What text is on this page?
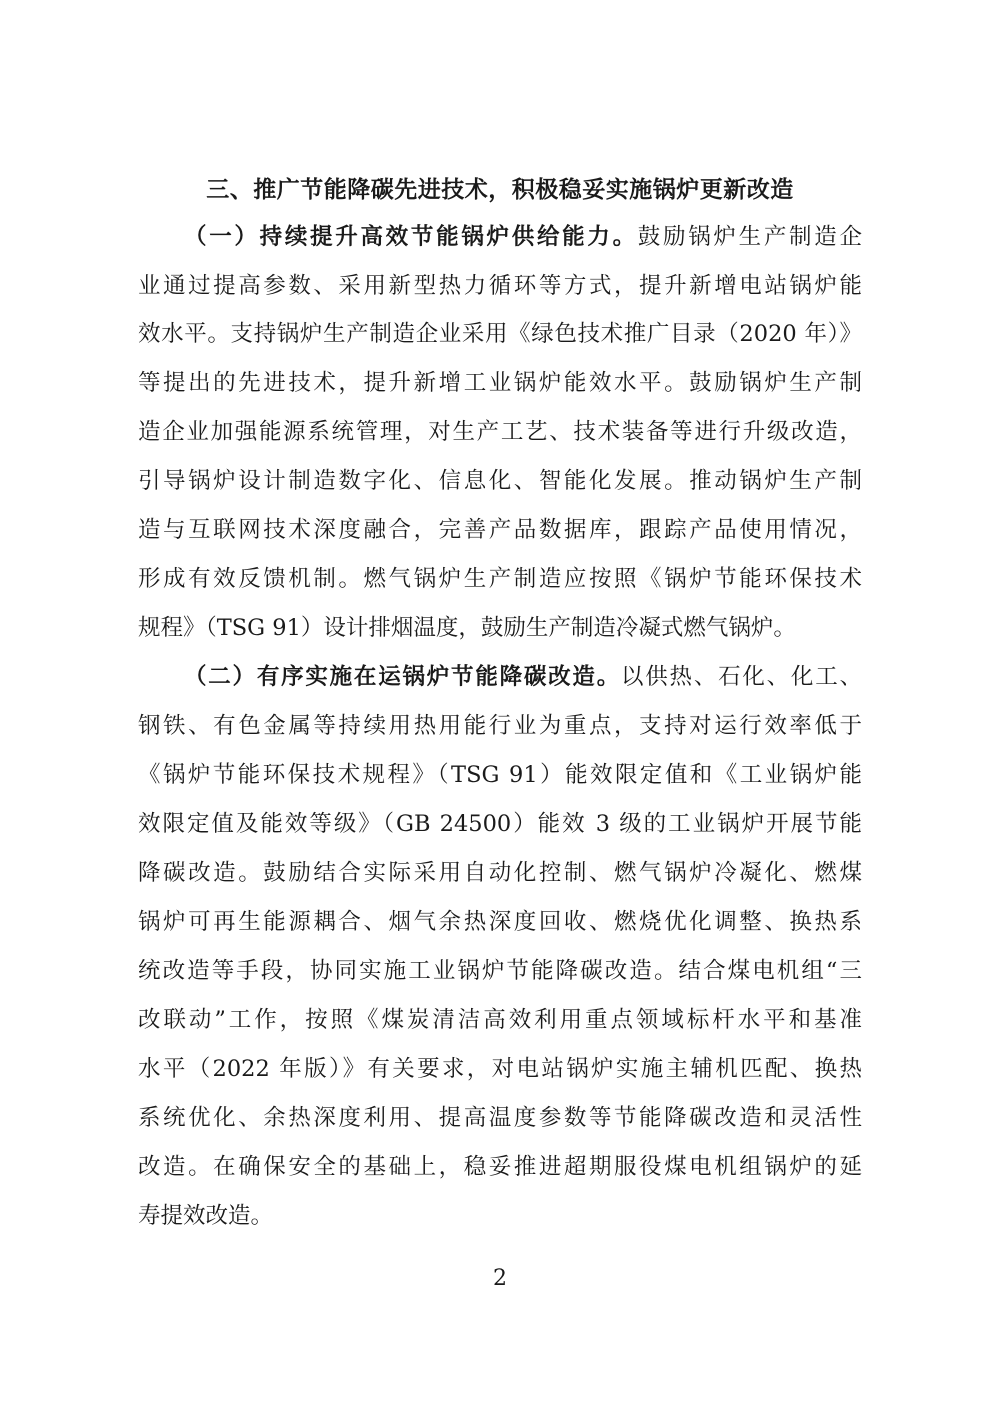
三、推广节能降碳先进技术，积极稳妥实施锅炉更新改造
（一）持续提升高效节能锅炉供给能力。鼓励锅炉生产制造企
业通过提高参数、采用新型热力循环等方式，提升新增电站锅炉能
效水平。支持锅炉生产制造企业采用《绿色技术推广目录（2020 年）》
等提出的先进技术，提升新增工业锅炉能效水平。鼓励锅炉生产制
造企业加强能源系统管理，对生产工艺、技术装备等进行升级改造，
引导锅炉设计制造数字化、信息化、智能化发展。推动锅炉生产制
造与互联网技术深度融合，完善产品数据库，跟踪产品使用情况，
形成有效反馈机制。燃气锅炉生产制造应按照《锅炉节能环保技术
规程》（TSG 91）设计排烟温度，鼓励生产制造冷凝式燃气锅炉。
（二）有序实施在运锅炉节能降碳改造。以供热、石化、化工、
钢铁、有色金属等持续用热用能行业为重点，支持对运行效率低于
《锅炉节能环保技术规程》（TSG 91）能效限定值和《工业锅炉能
效限定值及能效等级》（GB 24500）能效 3 级的工业锅炉开展节能
降碳改造。鼓励结合实际采用自动化控制、燃气锅炉冷凝化、燃煤
锅炉可再生能源耦合、烟气余热深度回收、燃烧优化调整、换热系
统改造等手段，协同实施工业锅炉节能降碳改造。结合煤电机组“三
改联动”工作，按照《煤炭清洁高效利用重点领域标杆水平和基准
水平（2022 年版）》有关要求，对电站锅炉实施主辅机匹配、换热
系统优化、余热深度利用、提高温度参数等节能降碳改造和灵活性
改造。在确保安全的基础上，稳妥推进超期服役煤电机组锅炉的延
寿提效改造。
2
